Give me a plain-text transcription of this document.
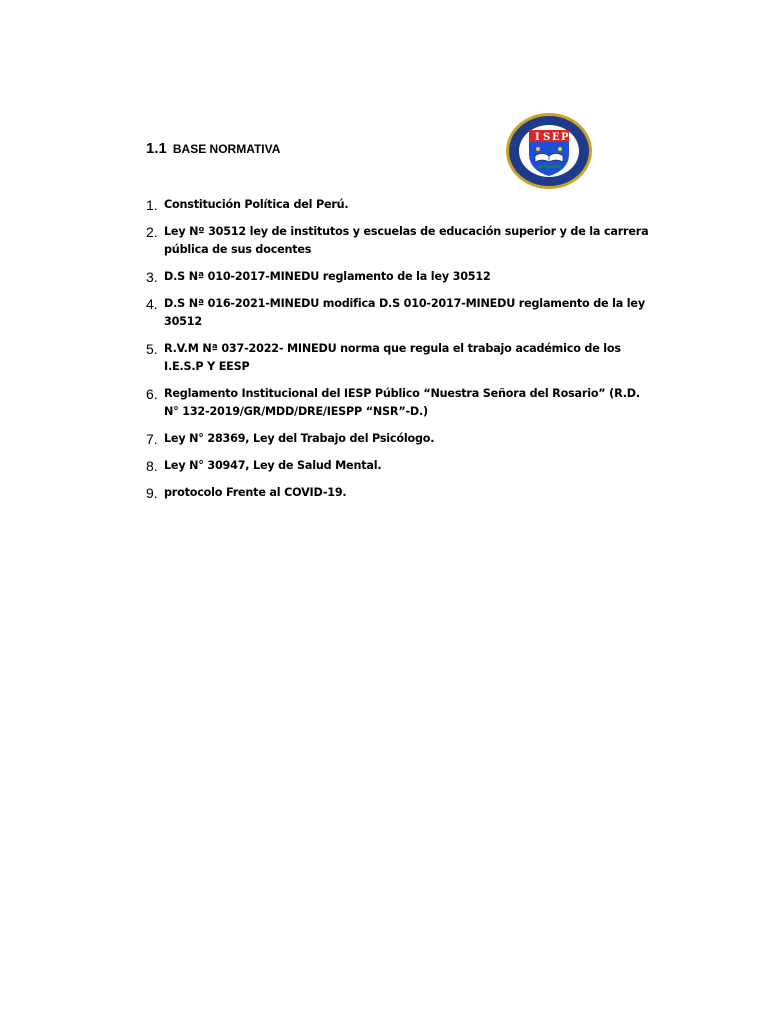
1.1 BASE NORMATIVA
I S E P
1. Constitución Política del Perú.
2. Ley Nº 30512 ley de institutos y escuelas de educación superior y de la carrera pública de sus docentes
3. D.S Nª 010-2017-MINEDU reglamento de la ley 30512
4. D.S Nª 016-2021-MINEDU modifica D.S 010-2017-MINEDU reglamento de la ley 30512
5. R.V.M Nª 037-2022- MINEDU norma que regula el trabajo académico de los I.E.S.P Y EESP
6. Reglamento Institucional del IESP Público “Nuestra Señora del Rosario” (R.D. N° 132-2019/GR/MDD/DRE/IESPP “NSR”-D.)
7. Ley N° 28369, Ley del Trabajo del Psicólogo.
8. Ley N° 30947, Ley de Salud Mental.
9. protocolo Frente al COVID-19.
